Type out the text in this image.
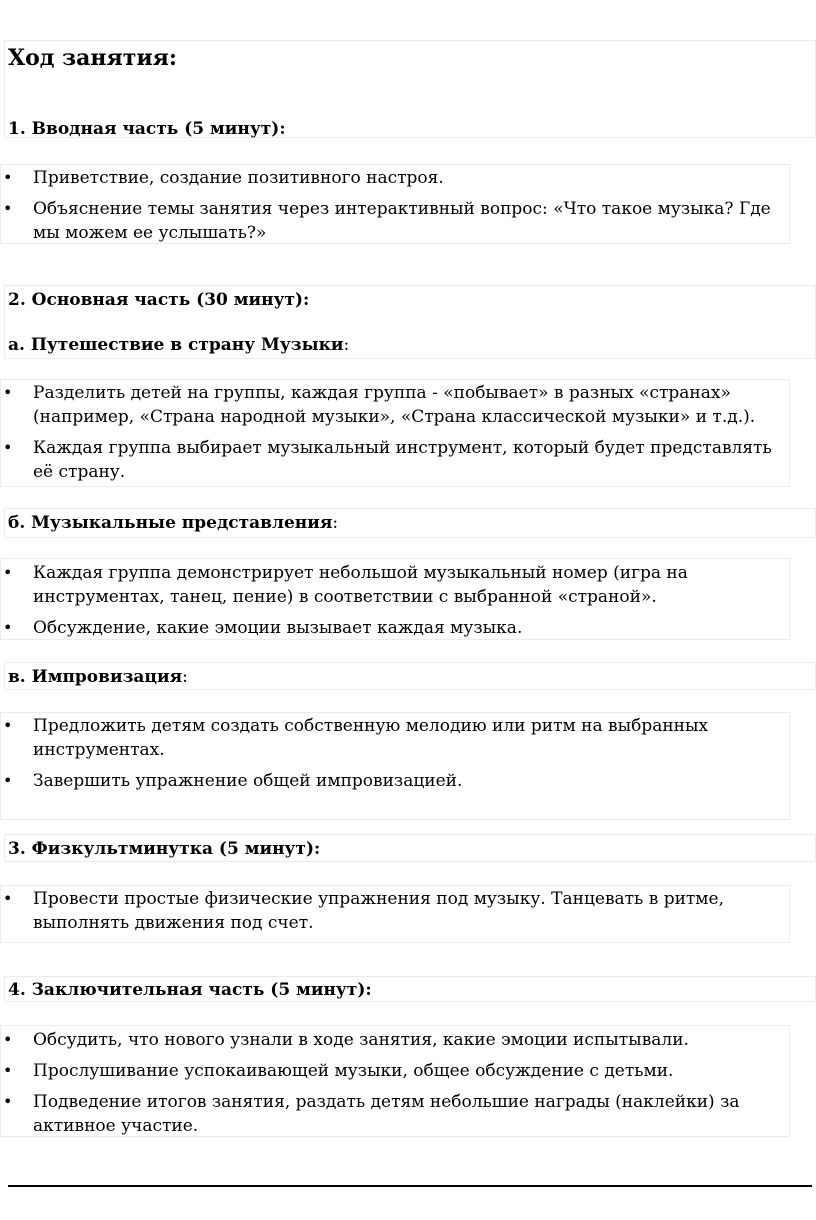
Ход занятия:
1. Вводная часть (5 минут):
• Приветствие, создание позитивного настроя.
• Объяснение темы занятия через интерактивный вопрос: «Что такое музыка? Где мы можем ее услышать?»
2. Основная часть (30 минут):
а. Путешествие в страну Музыки:
• Разделить детей на группы, каждая группа - «побывает» в разных «странах» (например, «Страна народной музыки», «Страна классической музыки» и т.д.).
• Каждая группа выбирает музыкальный инструмент, который будет представлять её страну.
б. Музыкальные представления:
• Каждая группа демонстрирует небольшой музыкальный номер (игра на инструментах, танец, пение) в соответствии с выбранной «страной».
• Обсуждение, какие эмоции вызывает каждая музыка.
в. Импровизация:
• Предложить детям создать собственную мелодию или ритм на выбранных инструментах.
• Завершить упражнение общей импровизацией.
3. Физкультминутка (5 минут):
• Провести простые физические упражнения под музыку. Танцевать в ритме, выполнять движения под счет.
4. Заключительная часть (5 минут):
• Обсудить, что нового узнали в ходе занятия, какие эмоции испытывали.
• Прослушивание успокаивающей музыки, общее обсуждение с детьми.
• Подведение итогов занятия, раздать детям небольшие награды (наклейки) за активное участие.
